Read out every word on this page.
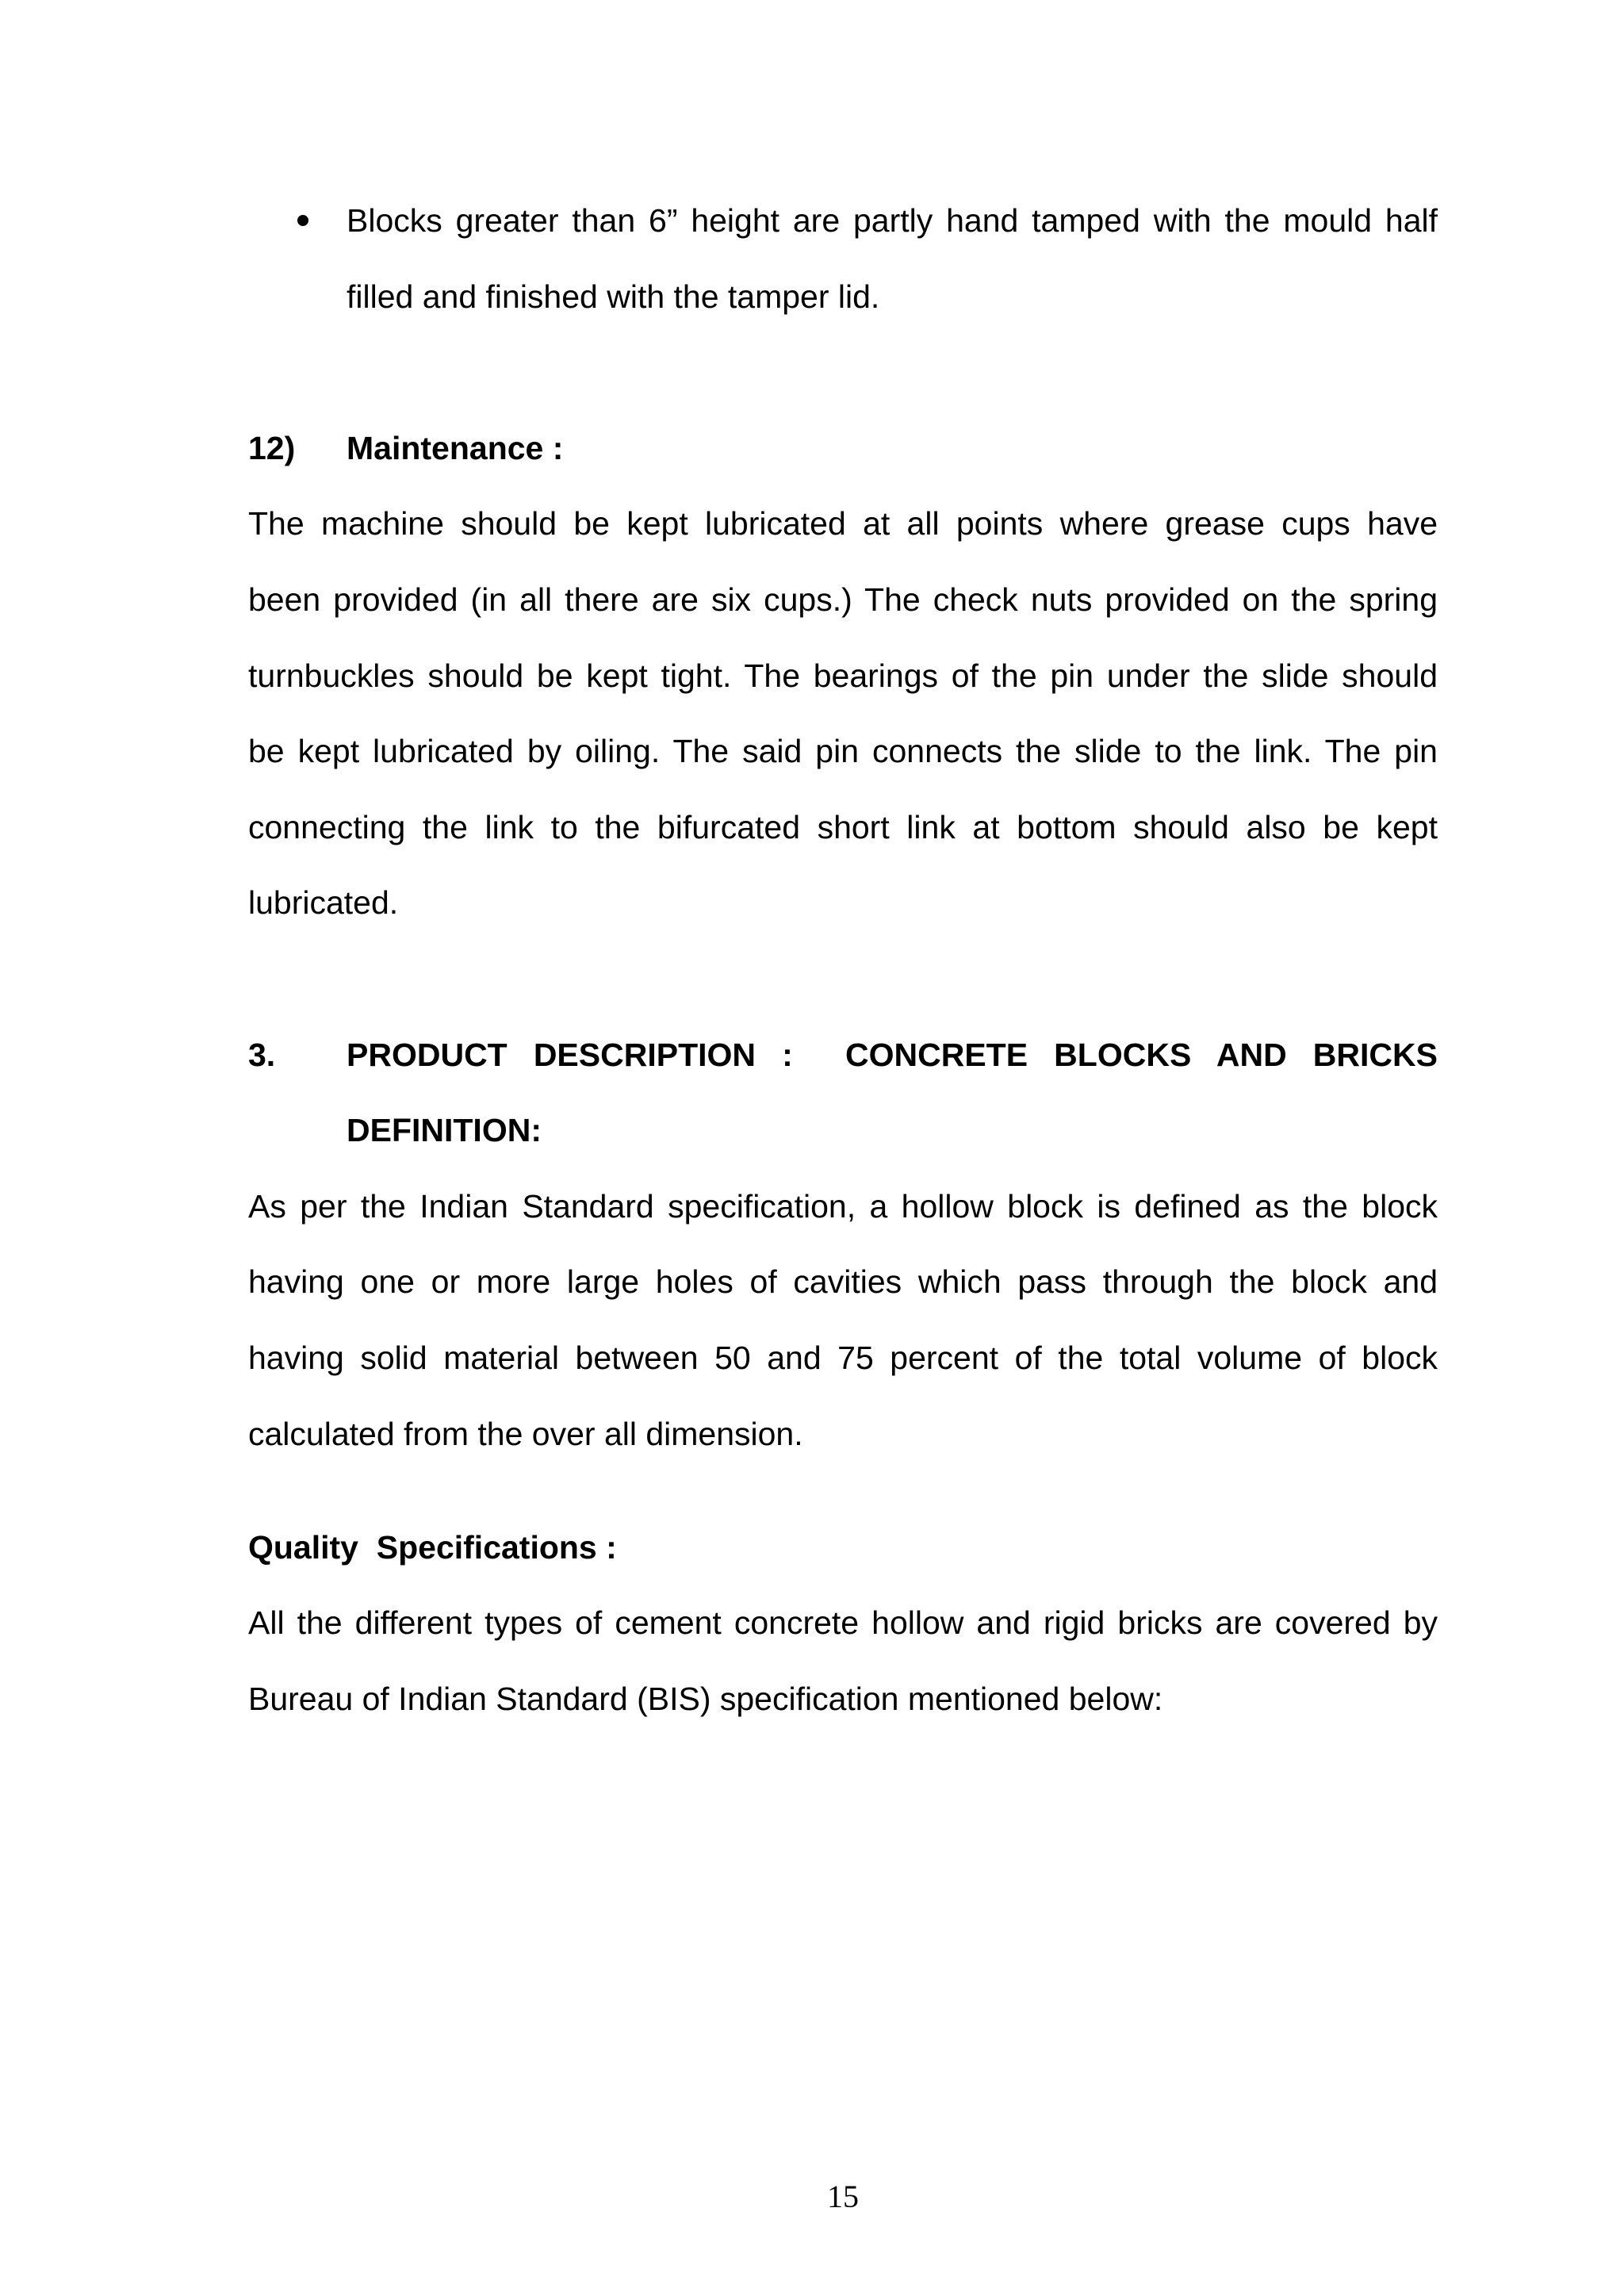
Blocks greater than 6” height are partly hand tamped with the mould half
filled and finished with the tamper lid.
12)	Maintenance :
The machine should be kept lubricated at all points where grease cups have
been provided (in all there are six cups.) The check nuts provided on the spring
turnbuckles should be kept tight. The bearings of the pin under the slide should
be kept lubricated by oiling. The said pin connects the slide to the link. The pin
connecting the link to the bifurcated short link at bottom should also be kept
lubricated.
3.	PRODUCT DESCRIPTION :  CONCRETE BLOCKS AND BRICKS
DEFINITION:
As per the Indian Standard specification, a hollow block is defined as the block
having one or more large holes of cavities which pass through the block and
having solid material between 50 and 75 percent of the total volume of block
calculated from the over all dimension.
Quality  Specifications :
All the different types of cement concrete hollow and rigid bricks are covered by
Bureau of Indian Standard (BIS) specification mentioned below:
15
